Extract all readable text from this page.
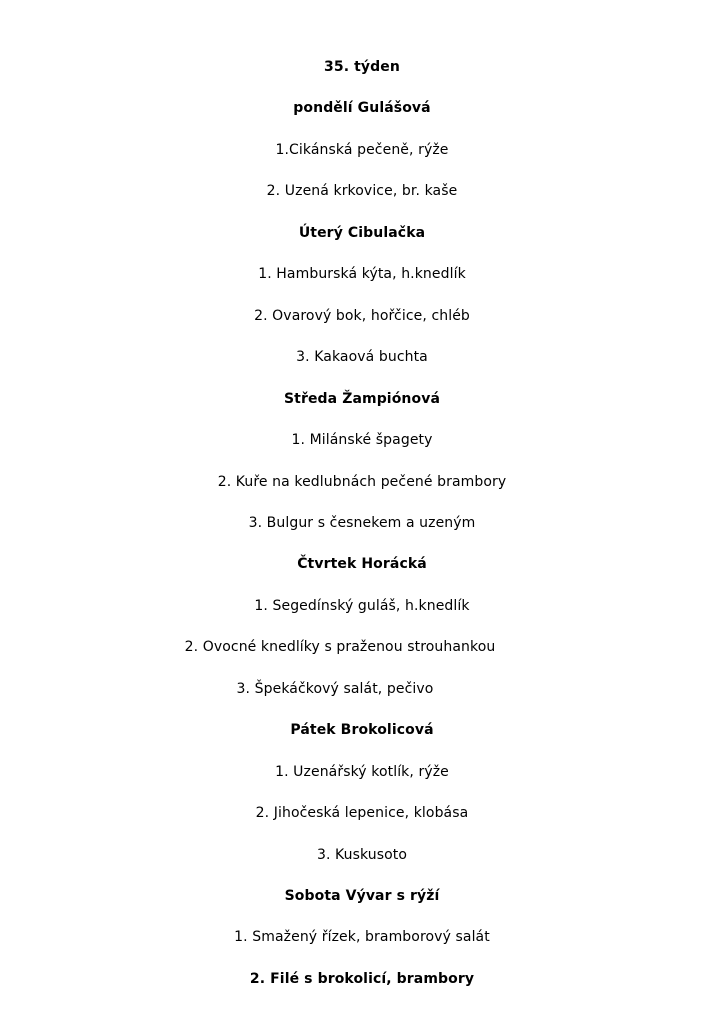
35. týden
pondělí Gulášová
1.Cikánská pečeně, rýže
2. Uzená krkovice, br. kaše
Úterý Cibulačka
1. Hamburská kýta, h.knedlík
2. Ovarový bok, hořčice, chléb
3. Kakaová buchta
Středa Žampiónová
1. Milánské špagety
2. Kuře na kedlubnách pečené brambory
3. Bulgur s česnekem a uzeným
Čtvrtek Horácká
1. Segedínský guláš, h.knedlík
2. Ovocné knedlíky s praženou strouhankou
3. Špekáčkový salát, pečivo
Pátek Brokolicová
1. Uzenářský kotlík, rýže
2. Jihočeská lepenice, klobása
3. Kuskusoto
Sobota Vývar s rýží
1. Smažený řízek, bramborový salát
2. Filé s brokolicí, brambory
